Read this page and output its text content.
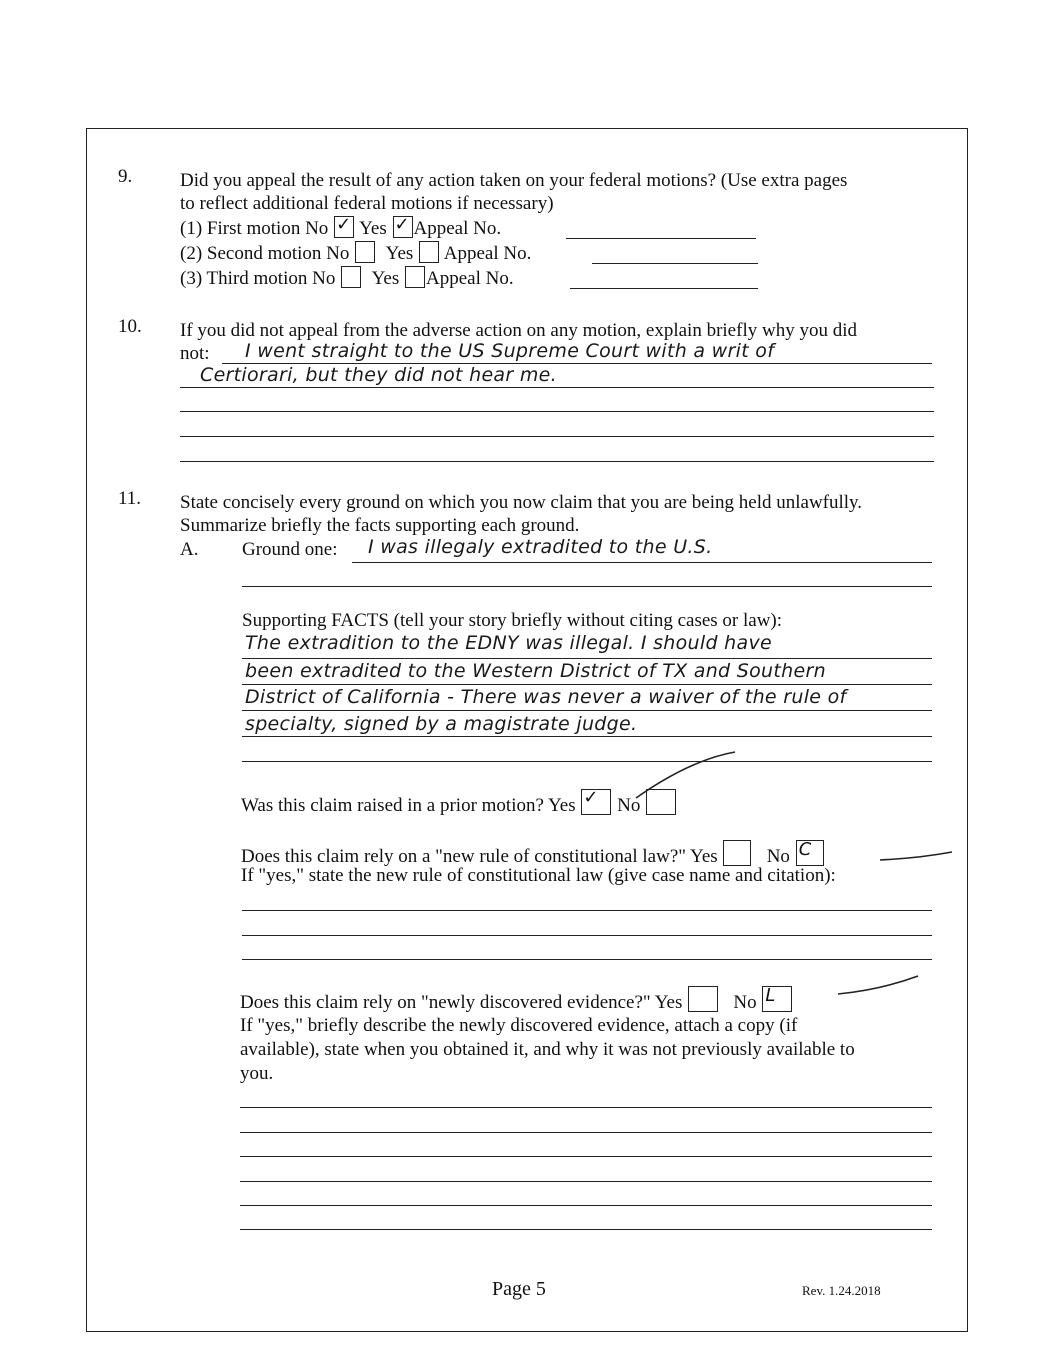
9.	Did you appeal the result of any action taken on your federal motions? (Use extra pages
to reflect additional federal motions if necessary)
(1) First motion No ✓ Yes ✓ Appeal No.
(2) Second motion No Yes Appeal No.
(3) Third motion No Yes Appeal No.
10. If you did not appeal from the adverse action on any motion, explain briefly why you did
not: I went straight to the US Supreme Court with a writ of
Certiorari, but they did not hear me.
11. State concisely every ground on which you now claim that you are being held unlawfully.
Summarize briefly the facts supporting each ground.
A. Ground one: I was illegaly extradited to the U.S.
Supporting FACTS (tell your story briefly without citing cases or law):
The extradition to the EDNY was illegal. I should have
been extradited to the Western District of TX and Southern
District of California - There was never a waiver of the rule of
specialty, signed by a magistrate judge.
Was this claim raised in a prior motion? Yes ✓ No
Does this claim rely on a "new rule of constitutional law?" Yes	No C
If "yes," state the new rule of constitutional law (give case name and citation):
Does this claim rely on "newly discovered evidence?" Yes	No L
If "yes," briefly describe the newly discovered evidence, attach a copy (if
available), state when you obtained it, and why it was not previously available to
you.
Page 5	Rev. 1.24.2018
